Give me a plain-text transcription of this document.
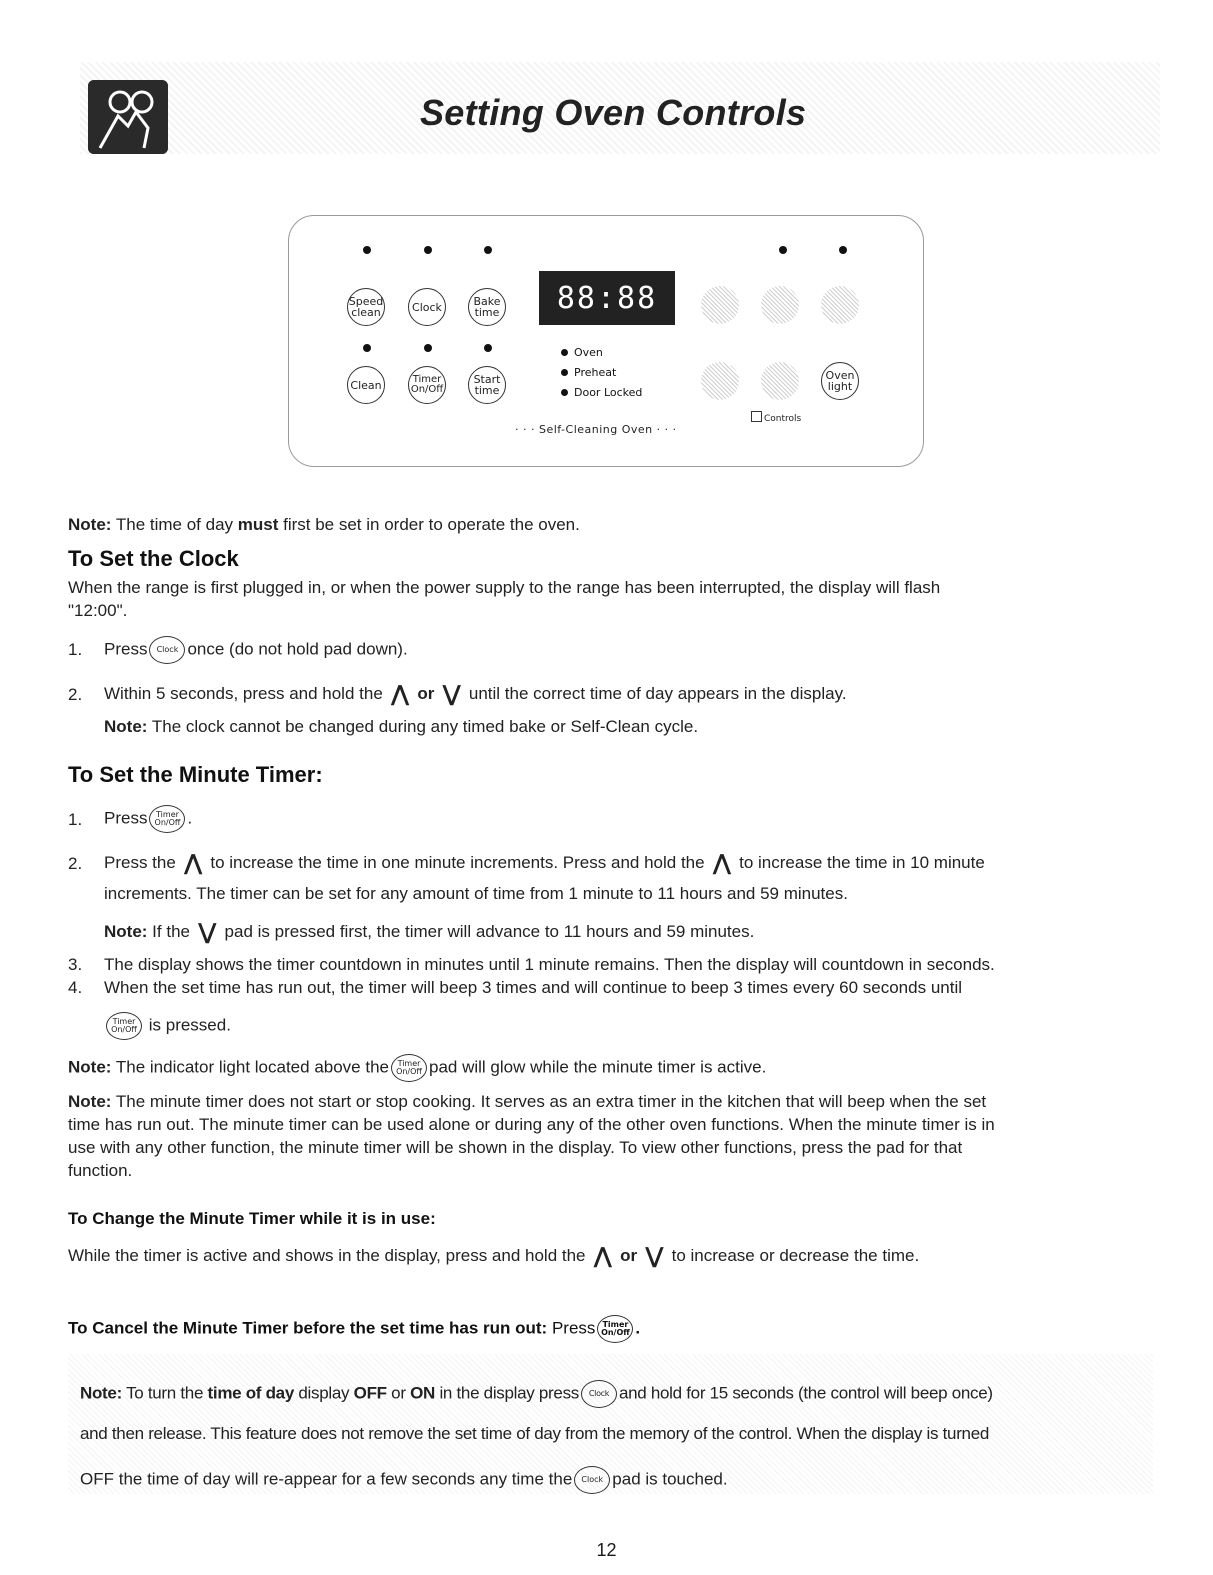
Setting Oven Controls
Speed
clean	Clock	Bake
time	88:88
Clean	Timer
On/Off
Start
time
Oven
Preheat
Door Locked
Oven
light
Controls
· · · Self-Cleaning Oven · · ·
Note: The time of day must first be set in order to operate the oven.
To Set the Clock
When the range is first plugged in, or when the power supply to the range has been interrupted, the display will flash
"12:00".
1. Press Clock once (do not hold pad down).
2. Within 5 seconds, press and hold the ⋀ or ⋁ until the correct time of day appears in the display.
Note: The clock cannot be changed during any timed bake or Self-Clean cycle.
To Set the Minute Timer:
1. Press Timer
On/Off .
2. Press the ⋀ to increase the time in one minute increments. Press and hold the ⋀ to increase the time in 10 minute
increments. The timer can be set for any amount of time from 1 minute to 11 hours and 59 minutes.
Note: If the ⋁ pad is pressed first, the timer will advance to 11 hours and 59 minutes.
3. The display shows the timer countdown in minutes until 1 minute remains. Then the display will countdown in seconds.
4. When the set time has run out, the timer will beep 3 times and will continue to beep 3 times every 60 seconds until
Timer
On/Off is pressed.
Note: The indicator light located above the Timer
On/Off pad will glow while the minute timer is active.
Note: The minute timer does not start or stop cooking. It serves as an extra timer in the kitchen that will beep when the set
time has run out. The minute timer can be used alone or during any of the other oven functions. When the minute timer is in
use with any other function, the minute timer will be shown in the display. To view other functions, press the pad for that
function.
To Change the Minute Timer while it is in use:
While the timer is active and shows in the display, press and hold the ⋀ or ⋁ to increase or decrease the time.
To Cancel the Minute Timer before the set time has run out: Press Timer
On/Off .
Note: To turn the time of day display OFF or ON in the display press Clock and hold for 15 seconds (the control will beep once)
and then release. This feature does not remove the set time of day from the memory of the control. When the display is turned
OFF the time of day will re-appear for a few seconds any time the Clock pad is touched.
12
